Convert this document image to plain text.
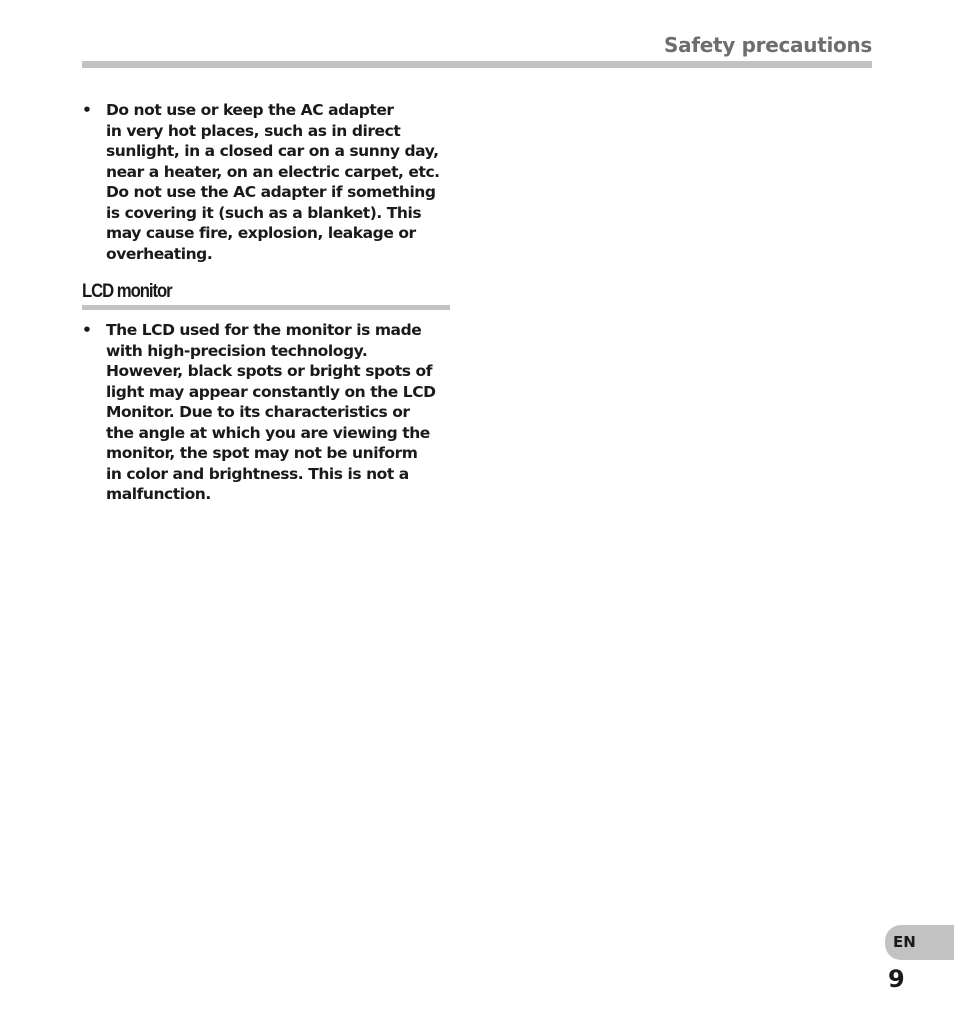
Safety precautions
• Do not use or keep the AC adapter
in very hot places, such as in direct
sunlight, in a closed car on a sunny day,
near a heater, on an electric carpet, etc.
Do not use the AC adapter if something
is covering it (such as a blanket). This
may cause fire, explosion, leakage or
overheating.
LCD monitor
• The LCD used for the monitor is made
with high-precision technology.
However, black spots or bright spots of
light may appear constantly on the LCD
Monitor. Due to its characteristics or
the angle at which you are viewing the
monitor, the spot may not be uniform
in color and brightness. This is not a
malfunction.
EN
9
